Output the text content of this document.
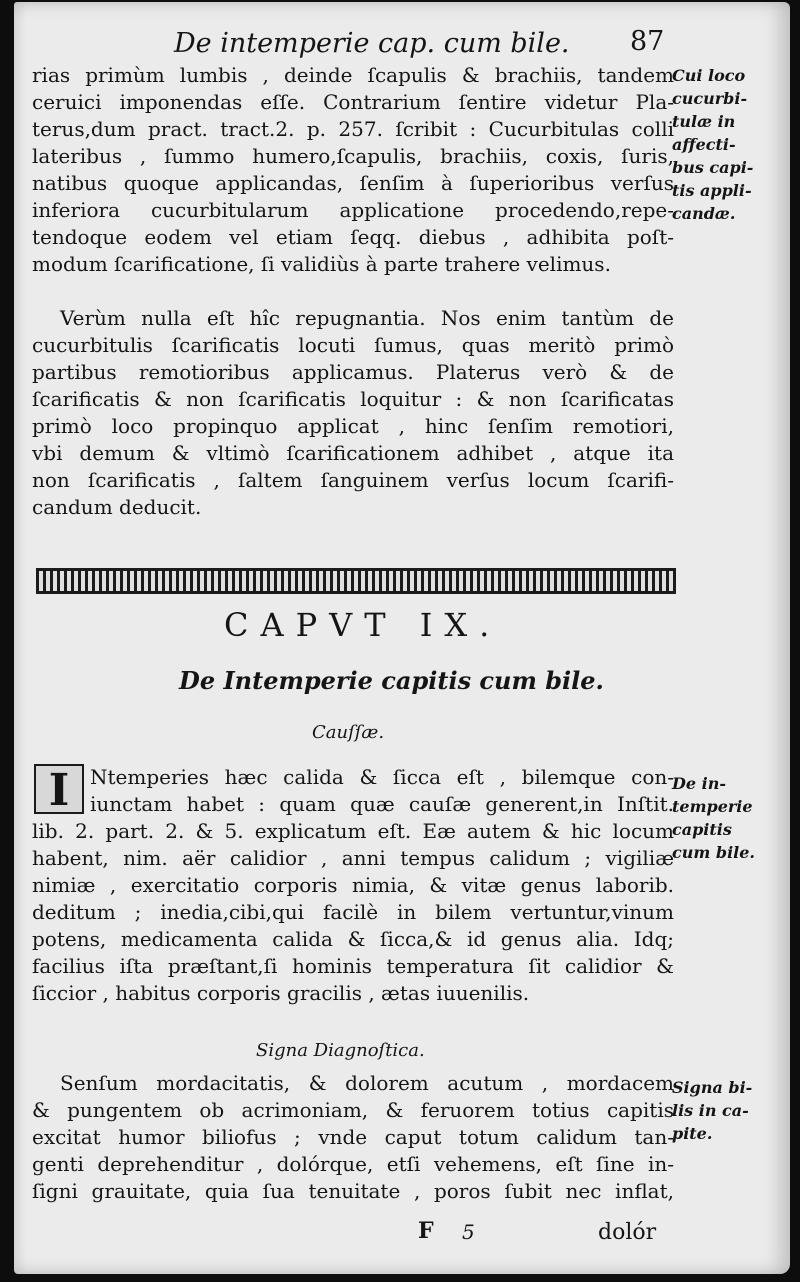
De intemperie cap. cum bile. 87
rias primùm lumbis , deinde ſcapulis & brachiis, tandem
ceruici imponendas eſſe. Contrarium ſentire videtur Pla-
terus,dum pract. tract.2. p. 257. ſcribit : Cucurbitulas colli
lateribus , ſummo humero,ſcapulis, brachiis, coxis, ſuris,
natibus quoque applicandas, ſenſim à ſuperioribus verſus
inferiora cucurbitularum applicatione procedendo,repe-
tendoque eodem vel etiam ſeqq. diebus , adhibita poſt-
modum ſcarificatione, ſi validiùs à parte trahere velimus.
Verùm nulla eſt hîc repugnantia. Nos enim tantùm de
cucurbitulis ſcarificatis locuti ſumus, quas meritò primò
partibus remotioribus applicamus. Platerus verò & de
ſcarificatis & non ſcarificatis loquitur : & non ſcarificatas
primò loco propinquo applicat , hinc ſenſim remotiori,
vbi demum & vltimò ſcarificationem adhibet , atque ita
non ſcarificatis , ſaltem ſanguinem verſus locum ſcarifi-
candum deducit.
Cui loco
cucurbi-
tulæ in
affecti-
bus capi-
tis appli-
candæ.
CAPVT IX.
De Intemperie capitis cum bile.
Cauſſæ.
I	Ntemperies hæc calida & ſicca eſt , bilemque con-
iunctam habet : quam quæ cauſæ generent,in Inſtit.
lib. 2. part. 2. & 5. explicatum eſt. Eæ autem & hic locum
habent, nim. aër calidior , anni tempus calidum ; vigiliæ
nimiæ , exercitatio corporis nimia, & vitæ genus laborib.
deditum ; inedia,cibi,qui facilè in bilem vertuntur,vinum
potens, medicamenta calida & ſicca,& id genus alia. Idq;
facilius iſta præſtant,ſi hominis temperatura ſit calidior &
ſiccior , habitus corporis gracilis , ætas iuuenilis.
De in-
temperie
capitis
cum bile.
Signa Diagnoſtica.
Senſum mordacitatis, & dolorem acutum , mordacem
& pungentem ob acrimoniam, & feruorem totius capitis
excitat humor biliofus ; vnde caput totum calidum tan-
genti deprehenditur , dolórque, etſi vehemens, eſt ſine in-
ſigni grauitate, quia ſua tenuitate , poros ſubit nec inflat,
Signa bi-
lis in ca-
pite.
F 5	dolór
